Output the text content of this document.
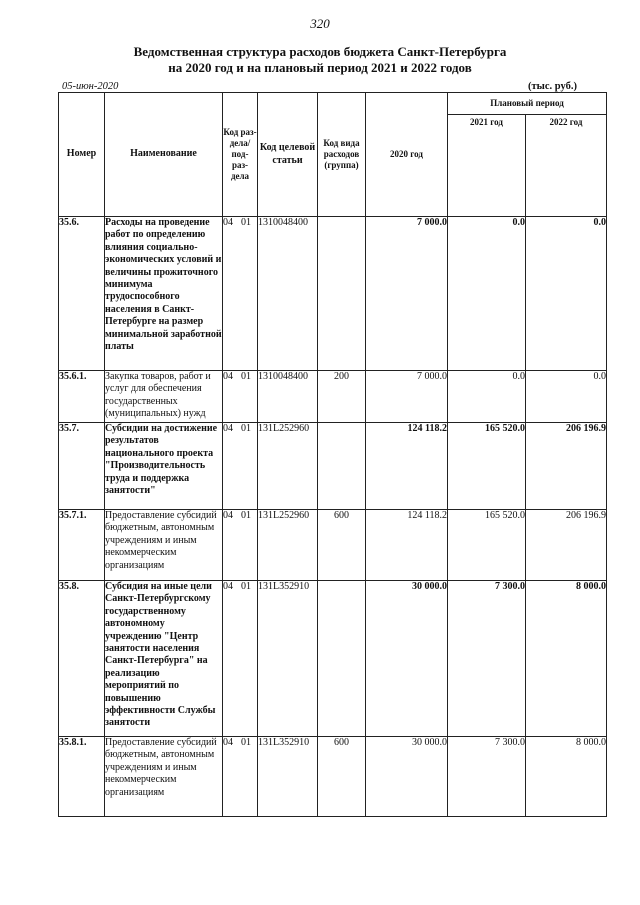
320
Ведомственная структура расходов бюджета Санкт-Петербурга
на 2020 год и на плановый период 2021 и 2022 годов
05-июн-2020	(тыс. руб.)
Номер	Наименование	Код раз- дела/ под- раз- дела	Код целевой статьи	Код вида расходов (группа)	2020 год	Плановый период	
						2021 год	2022 год
35.6.	Расходы на проведение работ по определению влияния социально-экономических условий и величины прожиточного минимума трудоспособного населения в Санкт-Петербурге на размер минимальной заработной платы	04 01	1310048400		7 000.0	0.0	0.0
35.6.1.	Закупка товаров, работ и услуг для обеспечения государственных (муниципальных) нужд	04 01	1310048400	200	7 000.0	0.0	0.0
35.7.	Субсидии на достижение результатов национального проекта "Производительность труда и поддержка занятости"	04 01	131L252960		124 118.2	165 520.0	206 196.9
35.7.1.	Предоставление субсидий бюджетным, автономным учреждениям и иным некоммерческим организациям	04 01	131L252960	600	124 118.2	165 520.0	206 196.9
35.8.	Субсидия на иные цели Санкт-Петербургскому государственному автономному учреждению "Центр занятости населения Санкт-Петербурга" на реализацию мероприятий по повышению эффективности Службы занятости	04 01	131L352910		30 000.0	7 300.0	8 000.0
35.8.1.	Предоставление субсидий бюджетным, автономным учреждениям и иным некоммерческим организациям	04 01	131L352910	600	30 000.0	7 300.0	8 000.0
